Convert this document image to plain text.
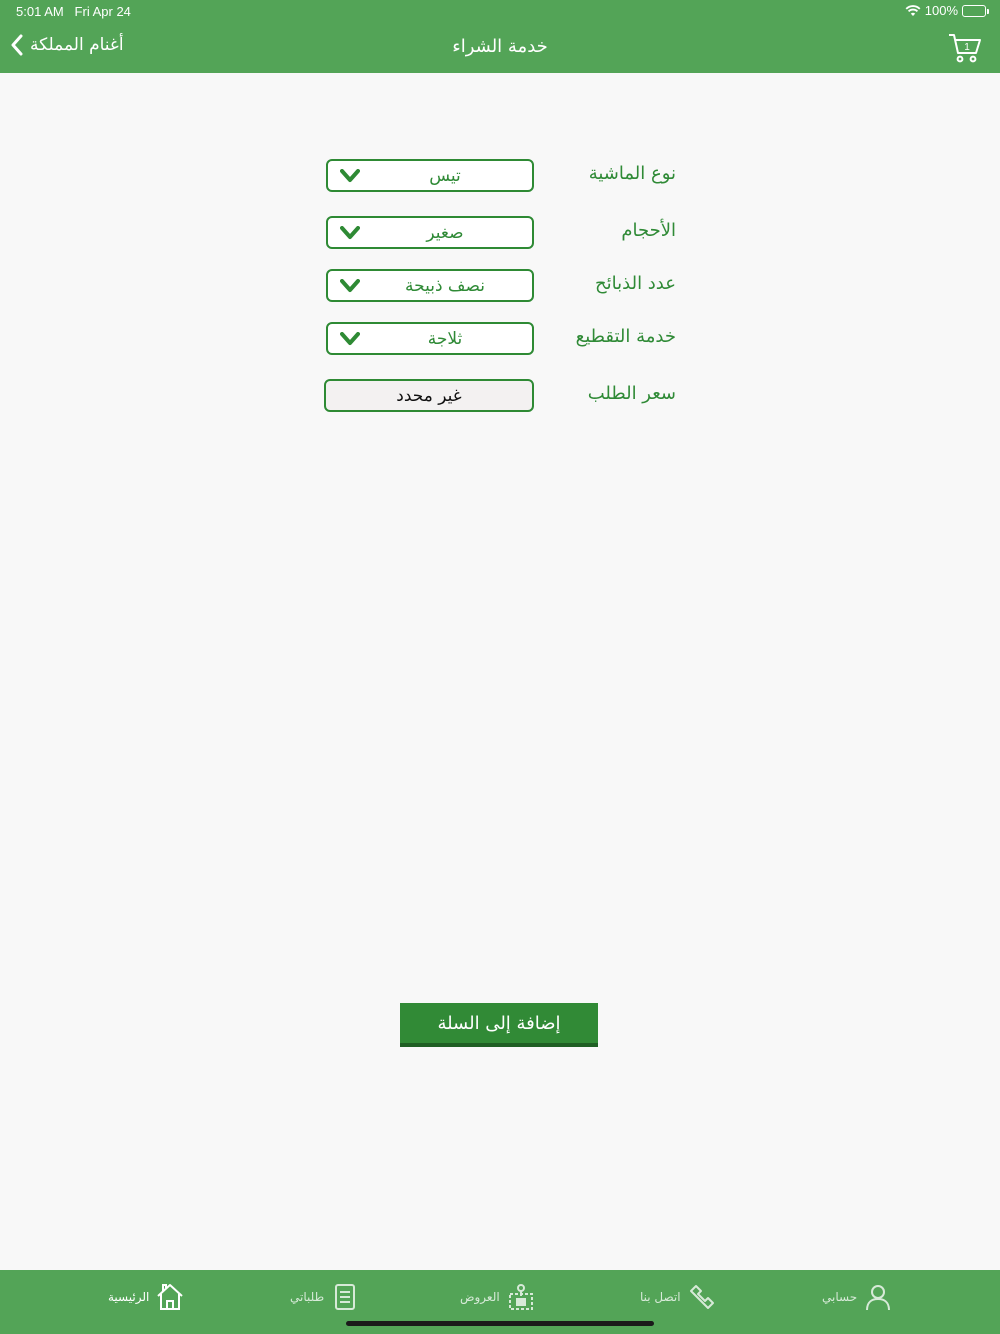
5:01 AM Fri Apr 24	100%
أغنام المملكة	خدمة الشراء	1
نوع الماشية
تيس
الأحجام
صغير
عدد الذبائح
نصف ذبيحة
خدمة التقطيع
ثلاجة
سعر الطلب
غير محدد
إضافة إلى السلة
الرئيسية	طلباتي	العروض	اتصل بنا	حسابي
